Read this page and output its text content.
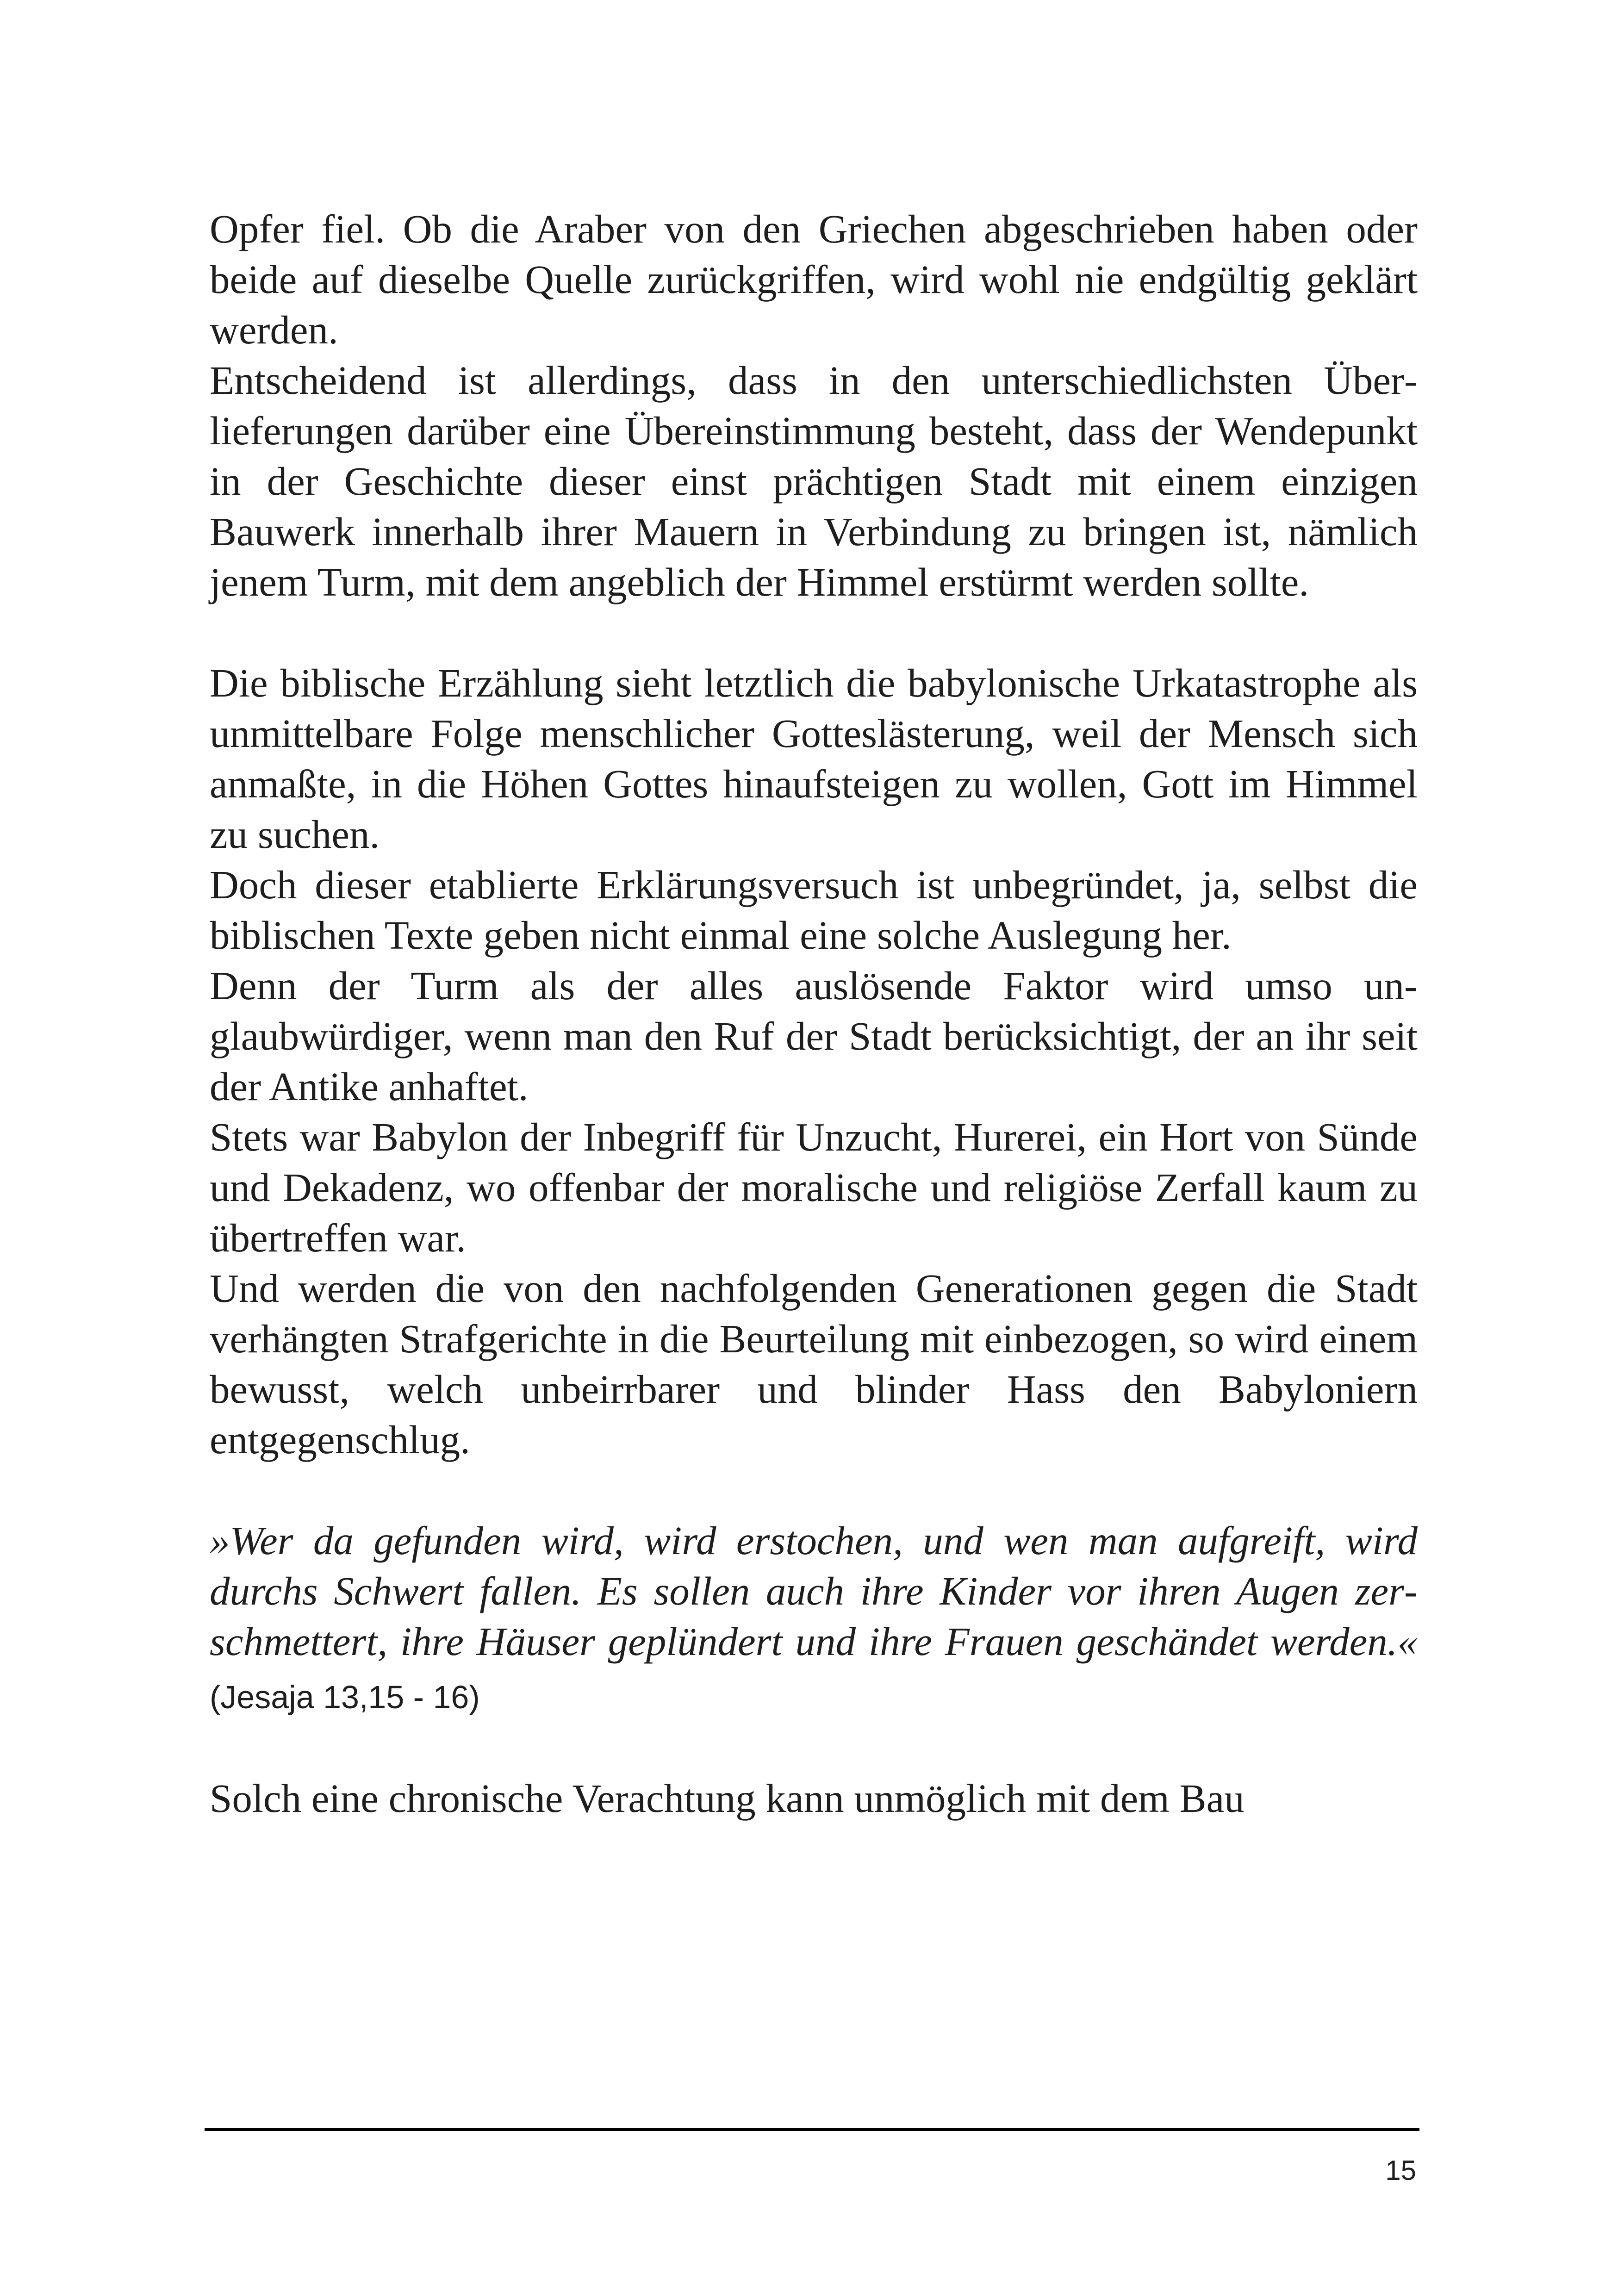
Opfer fiel. Ob die Araber von den Griechen abgeschrieben haben oder beide auf dieselbe Quelle zurückgriffen, wird wohl nie endgültig geklärt werden.

Entscheidend ist allerdings, dass in den unterschiedlichsten Überlieferungen darüber eine Übereinstimmung besteht, dass der Wendepunkt in der Geschichte dieser einst prächtigen Stadt mit einem einzigen Bauwerk innerhalb ihrer Mauern in Verbindung zu bringen ist, nämlich jenem Turm, mit dem angeblich der Himmel erstürmt werden sollte.

Die biblische Erzählung sieht letztlich die babylonische Urkatastrophe als unmittelbare Folge menschlicher Gotteslästerung, weil der Mensch sich anmaßte, in die Höhen Gottes hinaufsteigen zu wollen, Gott im Himmel zu suchen.

Doch dieser etablierte Erklärungsversuch ist unbegründet, ja, selbst die biblischen Texte geben nicht einmal eine solche Auslegung her.

Denn der Turm als der alles auslösende Faktor wird umso unglaubwürdiger, wenn man den Ruf der Stadt berücksichtigt, der an ihr seit der Antike anhaftet.

Stets war Babylon der Inbegriff für Unzucht, Hurerei, ein Hort von Sünde und Dekadenz, wo offenbar der moralische und religiöse Zerfall kaum zu übertreffen war.

Und werden die von den nachfolgenden Generationen gegen die Stadt verhängten Strafgerichte in die Beurteilung mit einbezogen, so wird einem bewusst, welch unbeirrbarer und blinder Hass den Babyloniern entgegenschlug.

»Wer da gefunden wird, wird erstochen, und wen man aufgreift, wird durchs Schwert fallen. Es sollen auch ihre Kinder vor ihren Augen zerschmettert, ihre Häuser geplündert und ihre Frauen geschändet werden.« (Jesaja 13,15 - 16)

Solch eine chronische Verachtung kann unmöglich mit dem Bau

15
